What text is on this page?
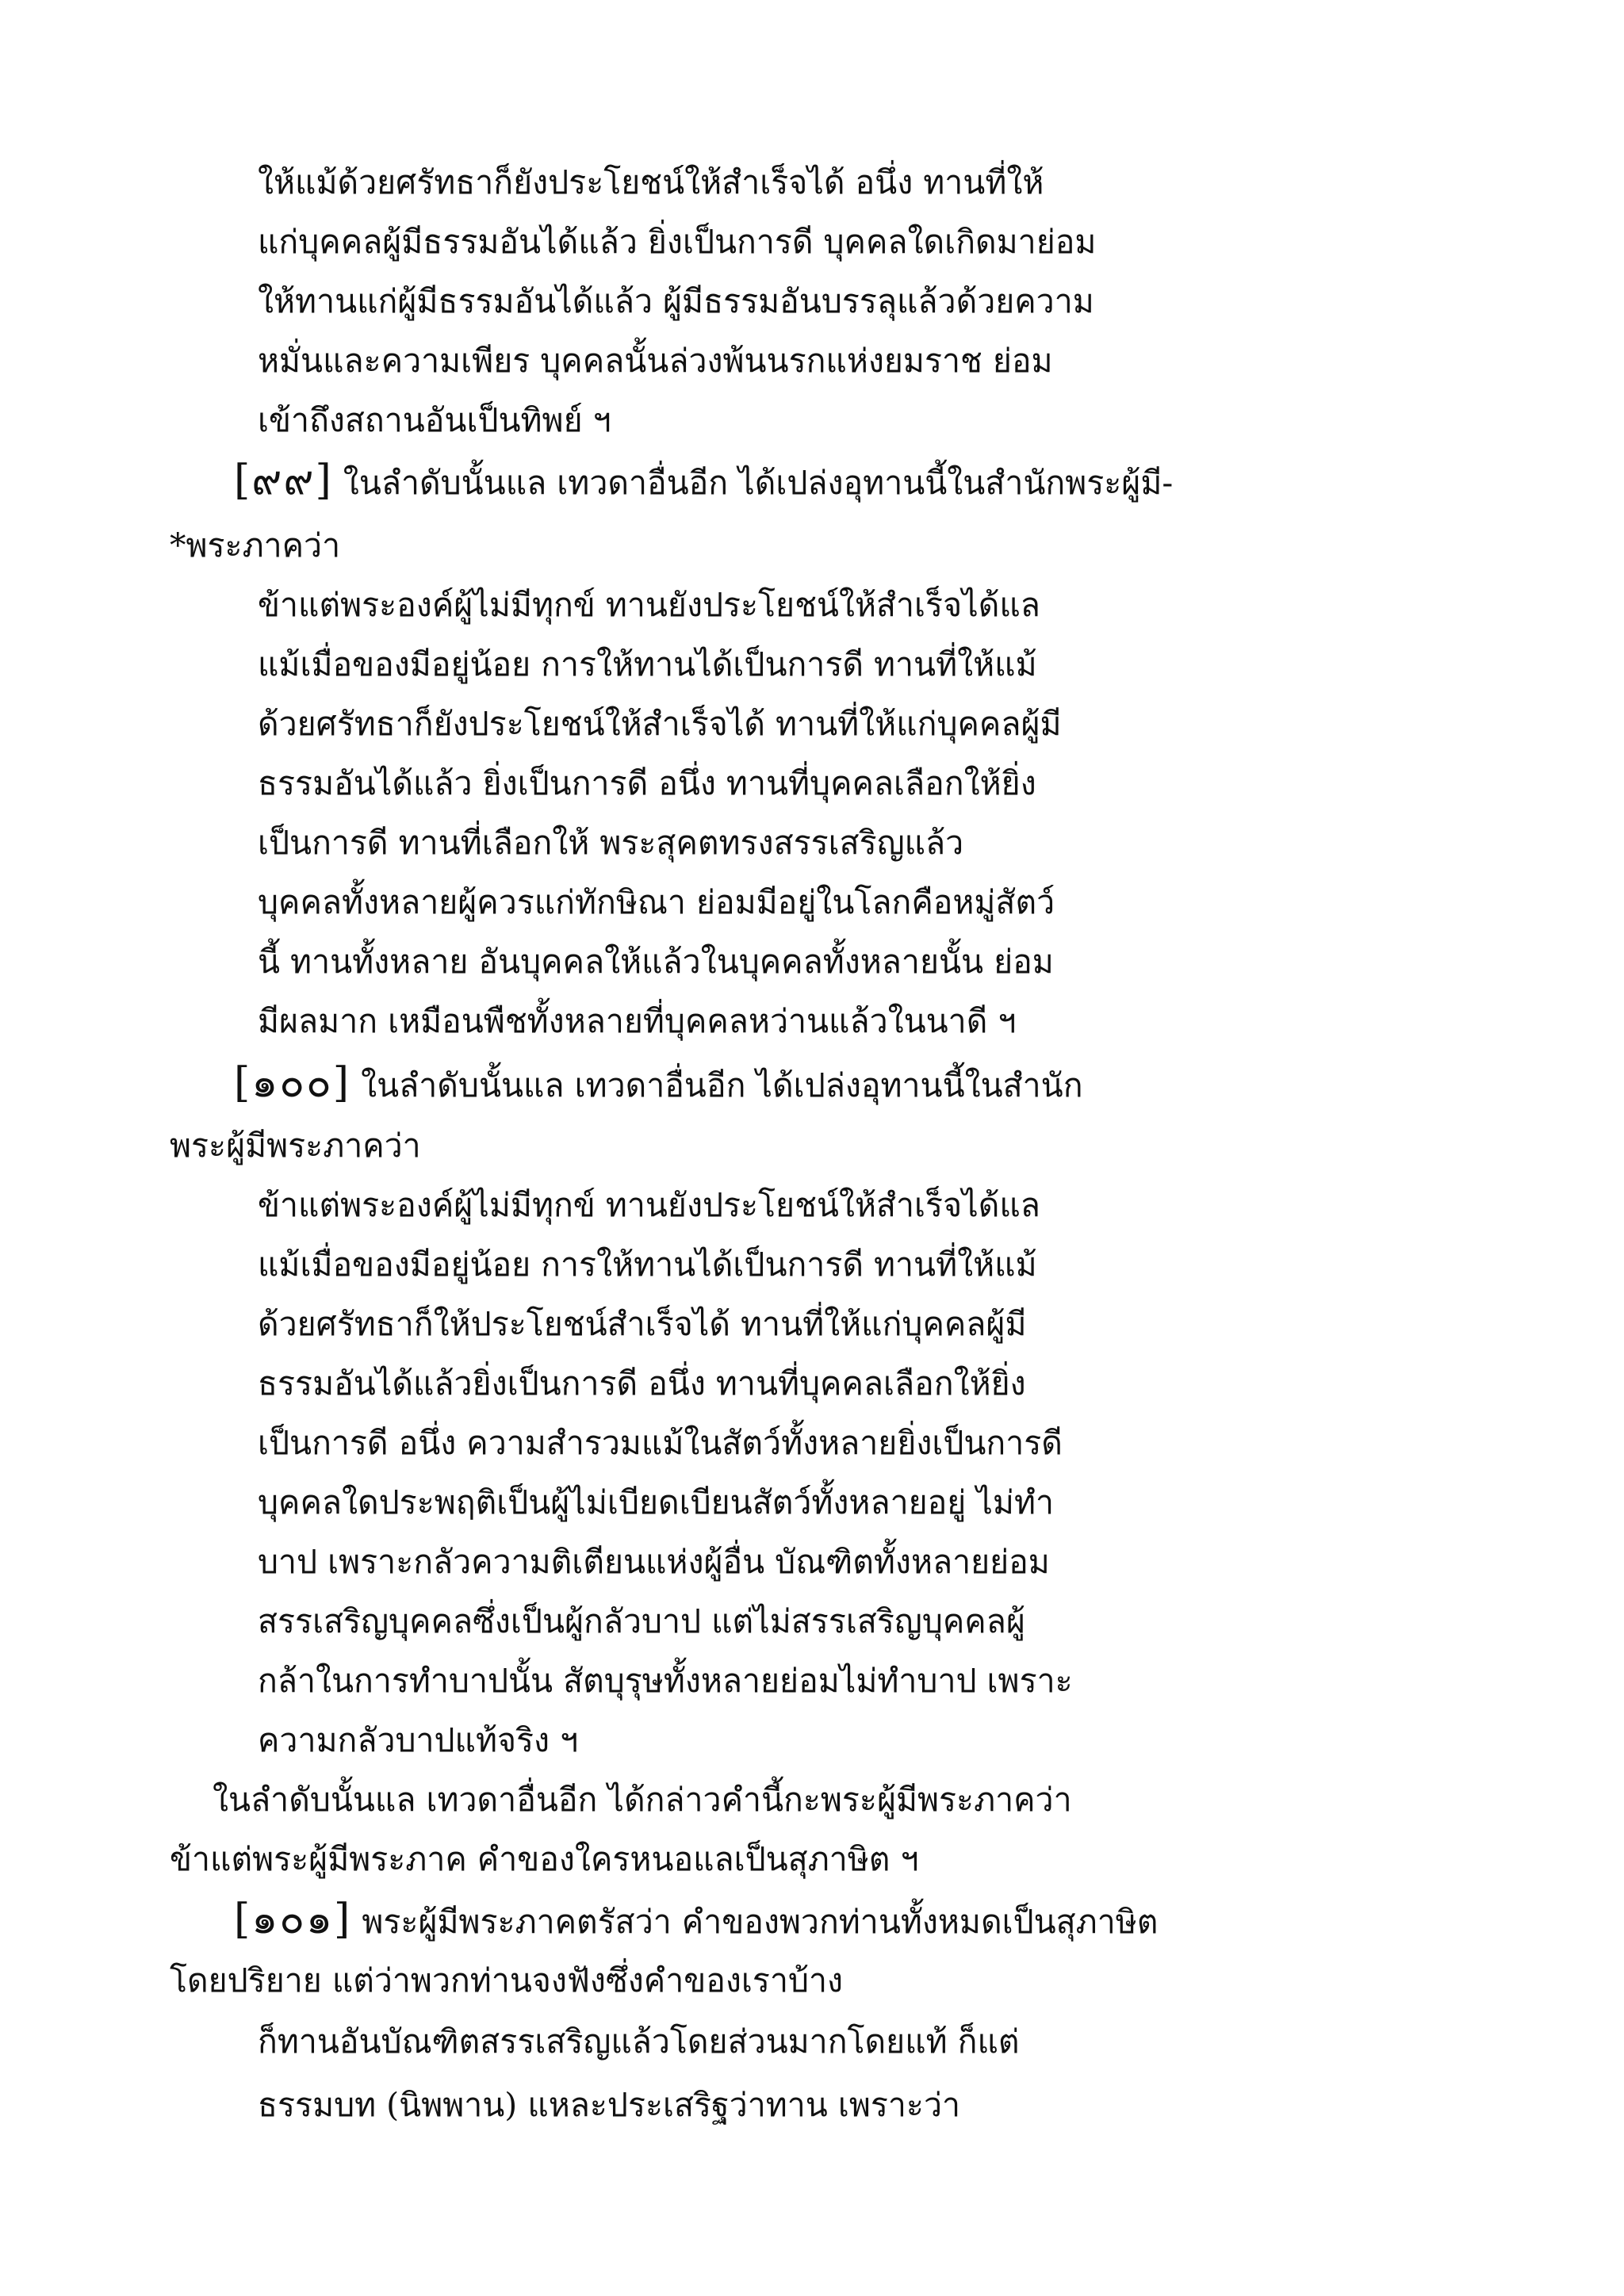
ให้แม้ด้วยศรัทธาก็ยังประโยชน์ให้สำเร็จได้ อนึ่ง ทานที่ให้

แก่บุคคลผู้มีธรรมอันได้แล้ว ยิ่งเป็นการดี บุคคลใดเกิดมาย่อม

ให้ทานแก่ผู้มีธรรมอันได้แล้ว ผู้มีธรรมอันบรรลุแล้วด้วยความ

หมั่นและความเพียร บุคคลนั้นล่วงพ้นนรกแห่งยมราช ย่อม

เข้าถึงสถานอันเป็นทิพย์ ฯ

[๙๙] ในลำดับนั้นแล เทวดาอื่นอีก ได้เปล่งอุทานนี้ในสำนักพระผู้มี-

*พระภาคว่า

ข้าแต่พระองค์ผู้ไม่มีทุกข์ ทานยังประโยชน์ให้สำเร็จได้แล

แม้เมื่อของมีอยู่น้อย การให้ทานได้เป็นการดี ทานที่ให้แม้

ด้วยศรัทธาก็ยังประโยชน์ให้สำเร็จได้ ทานที่ให้แก่บุคคลผู้มี

ธรรมอันได้แล้ว ยิ่งเป็นการดี อนึ่ง ทานที่บุคคลเลือกให้ยิ่ง

เป็นการดี ทานที่เลือกให้ พระสุคตทรงสรรเสริญแล้ว

บุคคลทั้งหลายผู้ควรแก่ทักษิณา ย่อมมีอยู่ในโลกคือหมู่สัตว์

นี้ ทานทั้งหลาย อันบุคคลให้แล้วในบุคคลทั้งหลายนั้น ย่อม

มีผลมาก เหมือนพืชทั้งหลายที่บุคคลหว่านแล้วในนาดี ฯ

[๑๐๐] ในลำดับนั้นแล เทวดาอื่นอีก ได้เปล่งอุทานนี้ในสำนัก

พระผู้มีพระภาคว่า

ข้าแต่พระองค์ผู้ไม่มีทุกข์ ทานยังประโยชน์ให้สำเร็จได้แล

แม้เมื่อของมีอยู่น้อย การให้ทานได้เป็นการดี ทานที่ให้แม้

ด้วยศรัทธาก็ให้ประโยชน์สำเร็จได้ ทานที่ให้แก่บุคคลผู้มี

ธรรมอันได้แล้วยิ่งเป็นการดี อนึ่ง ทานที่บุคคลเลือกให้ยิ่ง

เป็นการดี อนึ่ง ความสำรวมแม้ในสัตว์ทั้งหลายยิ่งเป็นการดี

บุคคลใดประพฤติเป็นผู้ไม่เบียดเบียนสัตว์ทั้งหลายอยู่ ไม่ทำ

บาป เพราะกลัวความติเตียนแห่งผู้อื่น บัณฑิตทั้งหลายย่อม

สรรเสริญบุคคลซึ่งเป็นผู้กลัวบาป แต่ไม่สรรเสริญบุคคลผู้

กล้าในการทำบาปนั้น สัตบุรุษทั้งหลายย่อมไม่ทำบาป เพราะ

ความกลัวบาปแท้จริง ฯ

ในลำดับนั้นแล เทวดาอื่นอีก ได้กล่าวคำนี้กะพระผู้มีพระภาคว่า

ข้าแต่พระผู้มีพระภาค คำของใครหนอแลเป็นสุภาษิต ฯ

[๑๐๑] พระผู้มีพระภาคตรัสว่า คำของพวกท่านทั้งหมดเป็นสุภาษิต

โดยปริยาย แต่ว่าพวกท่านจงฟังซึ่งคำของเราบ้าง

ก็ทานอันบัณฑิตสรรเสริญแล้วโดยส่วนมากโดยแท้ ก็แต่

ธรรมบท (นิพพาน) แหละประเสริฐว่าทาน เพราะว่า
